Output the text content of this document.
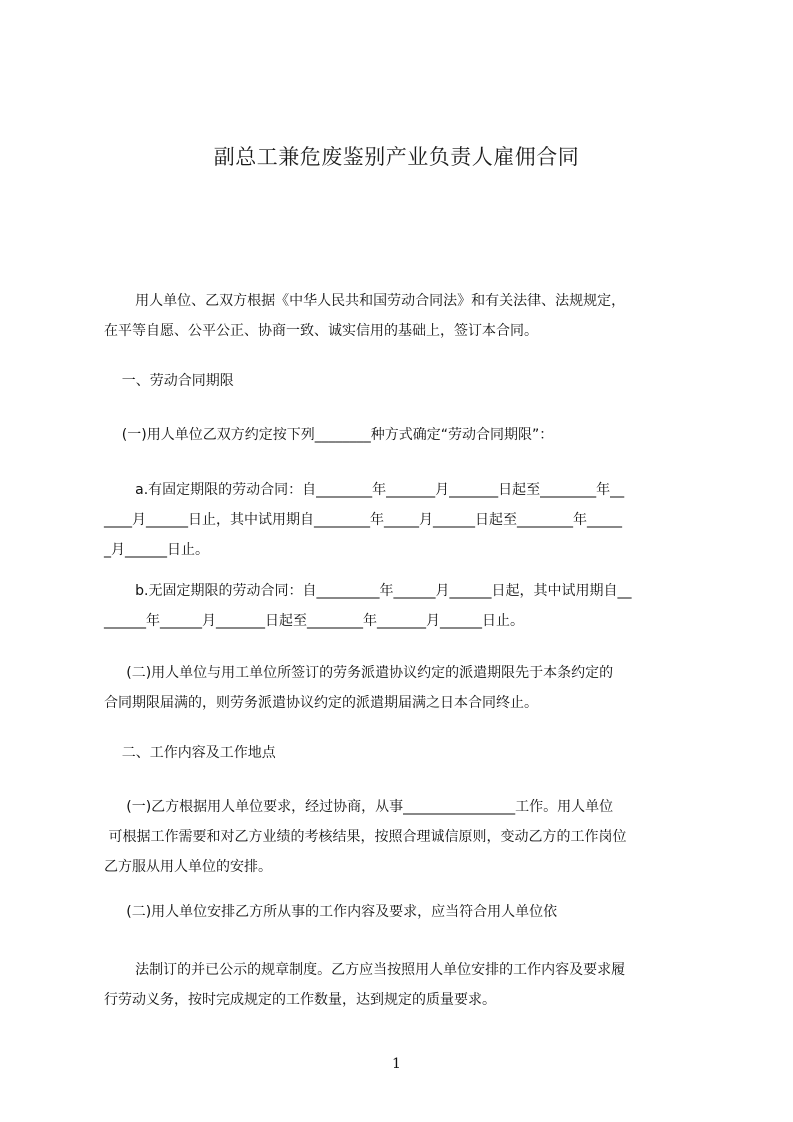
副总工兼危废鉴别产业负责人雇佣合同

用人单位、乙双方根据《中华人民共和国劳动合同法》和有关法律、法规规定，
在平等自愿、公平公正、协商一致、诚实信用的基础上，签订本合同。

一、劳动合同期限

(一)用人单位乙双方约定按下列________种方式确定“劳动合同期限”：

a.有固定期限的劳动合同：自________年_______月_______日起至________年__
____月______日止，其中试用期自________年_____月______日起至________年_____
_月______日止。

b.无固定期限的劳动合同：自_________年______月______日起，其中试用期自__
______年______月_______日起至________年_______月______日止。

(二)用人单位与用工单位所签订的劳务派遣协议约定的派遣期限先于本条约定的
合同期限届满的，则劳务派遣协议约定的派遣期届满之日本合同终止。

二、工作内容及工作地点

(一)乙方根据用人单位要求，经过协商，从事________________工作。用人单位
可根据工作需要和对乙方业绩的考核结果，按照合理诚信原则，变动乙方的工作岗位
乙方服从用人单位的安排。

(二)用人单位安排乙方所从事的工作内容及要求，应当符合用人单位依

法制订的并已公示的规章制度。乙方应当按照用人单位安排的工作内容及要求履
行劳动义务，按时完成规定的工作数量，达到规定的质量要求。

1
